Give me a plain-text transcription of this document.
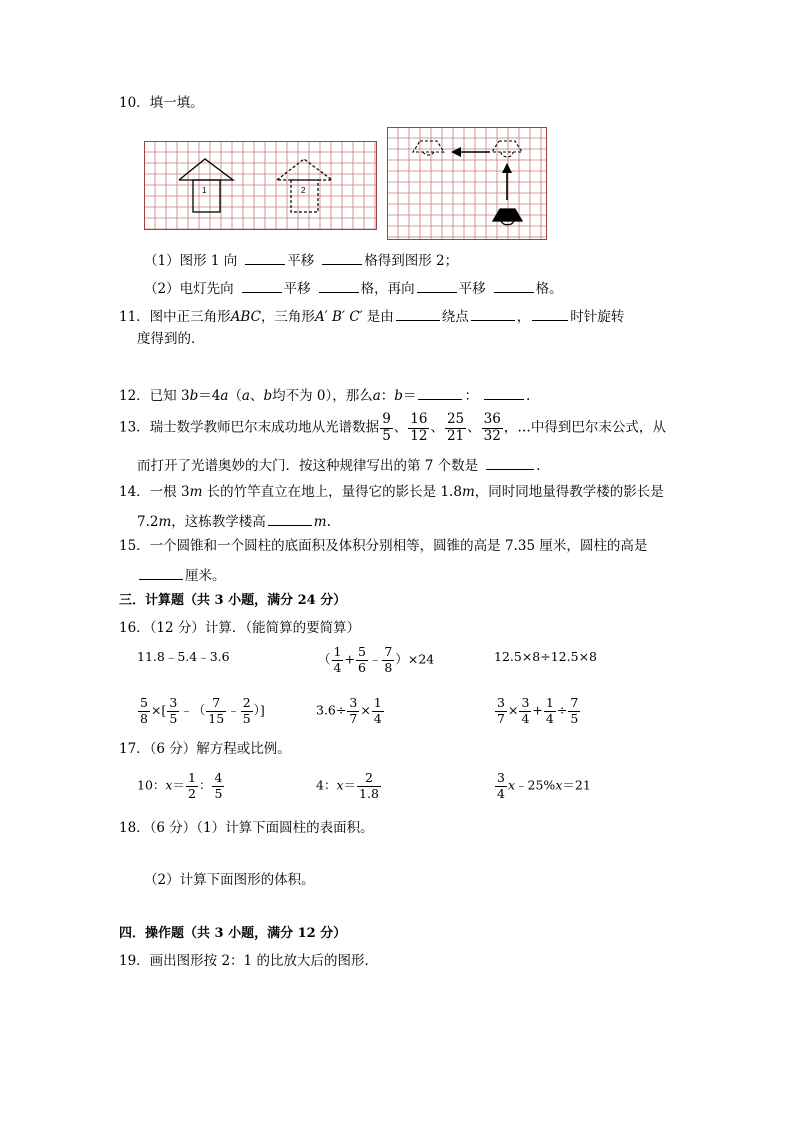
10．填一填。
1	2
（1）图形 1 向	平移	格得到图形 2；
（2）电灯先向	平移	格，再向	平移	格。
11．图中正三角形ABC，三角形A′ B′ C′ 是由	绕点	，	时针旋转
度得到的．
12．已知 3b＝4a（a、b均不为 0），那么a：b＝	：	.
13．瑞士数学教师巴尔末成功地从光谱数据 $\frac{9}{5}$ 、 $\frac{16}{12}$ 、 $\frac{25}{21}$ 、 $\frac{36}{32}$ ，…中得到巴尔末公式，从
而打开了光谱奥妙的大门．按这种规律写出的第 7 个数是	.
14．一根 3m 长的竹竿直立在地上，量得它的影长是 1.8m，同时同地量得教学楼的影长是
7.2m，这栋教学楼高	m.
15．一个圆锥和一个圆柱的底面积及体积分别相等，圆锥的高是 7.35 厘米，圆柱的高是
厘米。
三．计算题（共 3 小题，满分 24 分）
16．（12 分）计算．（能简算的要简算）
11.8﹣5.4﹣3.6	（ $\frac{1}{4} + \frac{5}{6}$ ﹣ $\frac{7}{8} )\times 24$	12.5×8÷12.5×8
$\frac{5}{8}$ ×[ $\frac{3}{5}$ ﹣（ $\frac{7}{15}$ ﹣ $\frac{2}{5}$ ）]	$3.6\div \frac{3}{7} \times \frac{1}{4}$	$\frac{3}{7} \times \frac{3}{4} + \frac{1}{4} \div \frac{7}{5}$
17．（6 分）解方程或比例。
10：$x= \frac{1}{2}$ ： $\frac{4}{5}$	4：$x= \frac{2}{1.8}$	$\frac{3}{4}$ x﹣25%x＝21
18．（6 分）（1）计算下面圆柱的表面积。
（2）计算下面图形的体积。
四．操作题（共 3 小题，满分 12 分）
19．画出图形按 2：1 的比放大后的图形．
